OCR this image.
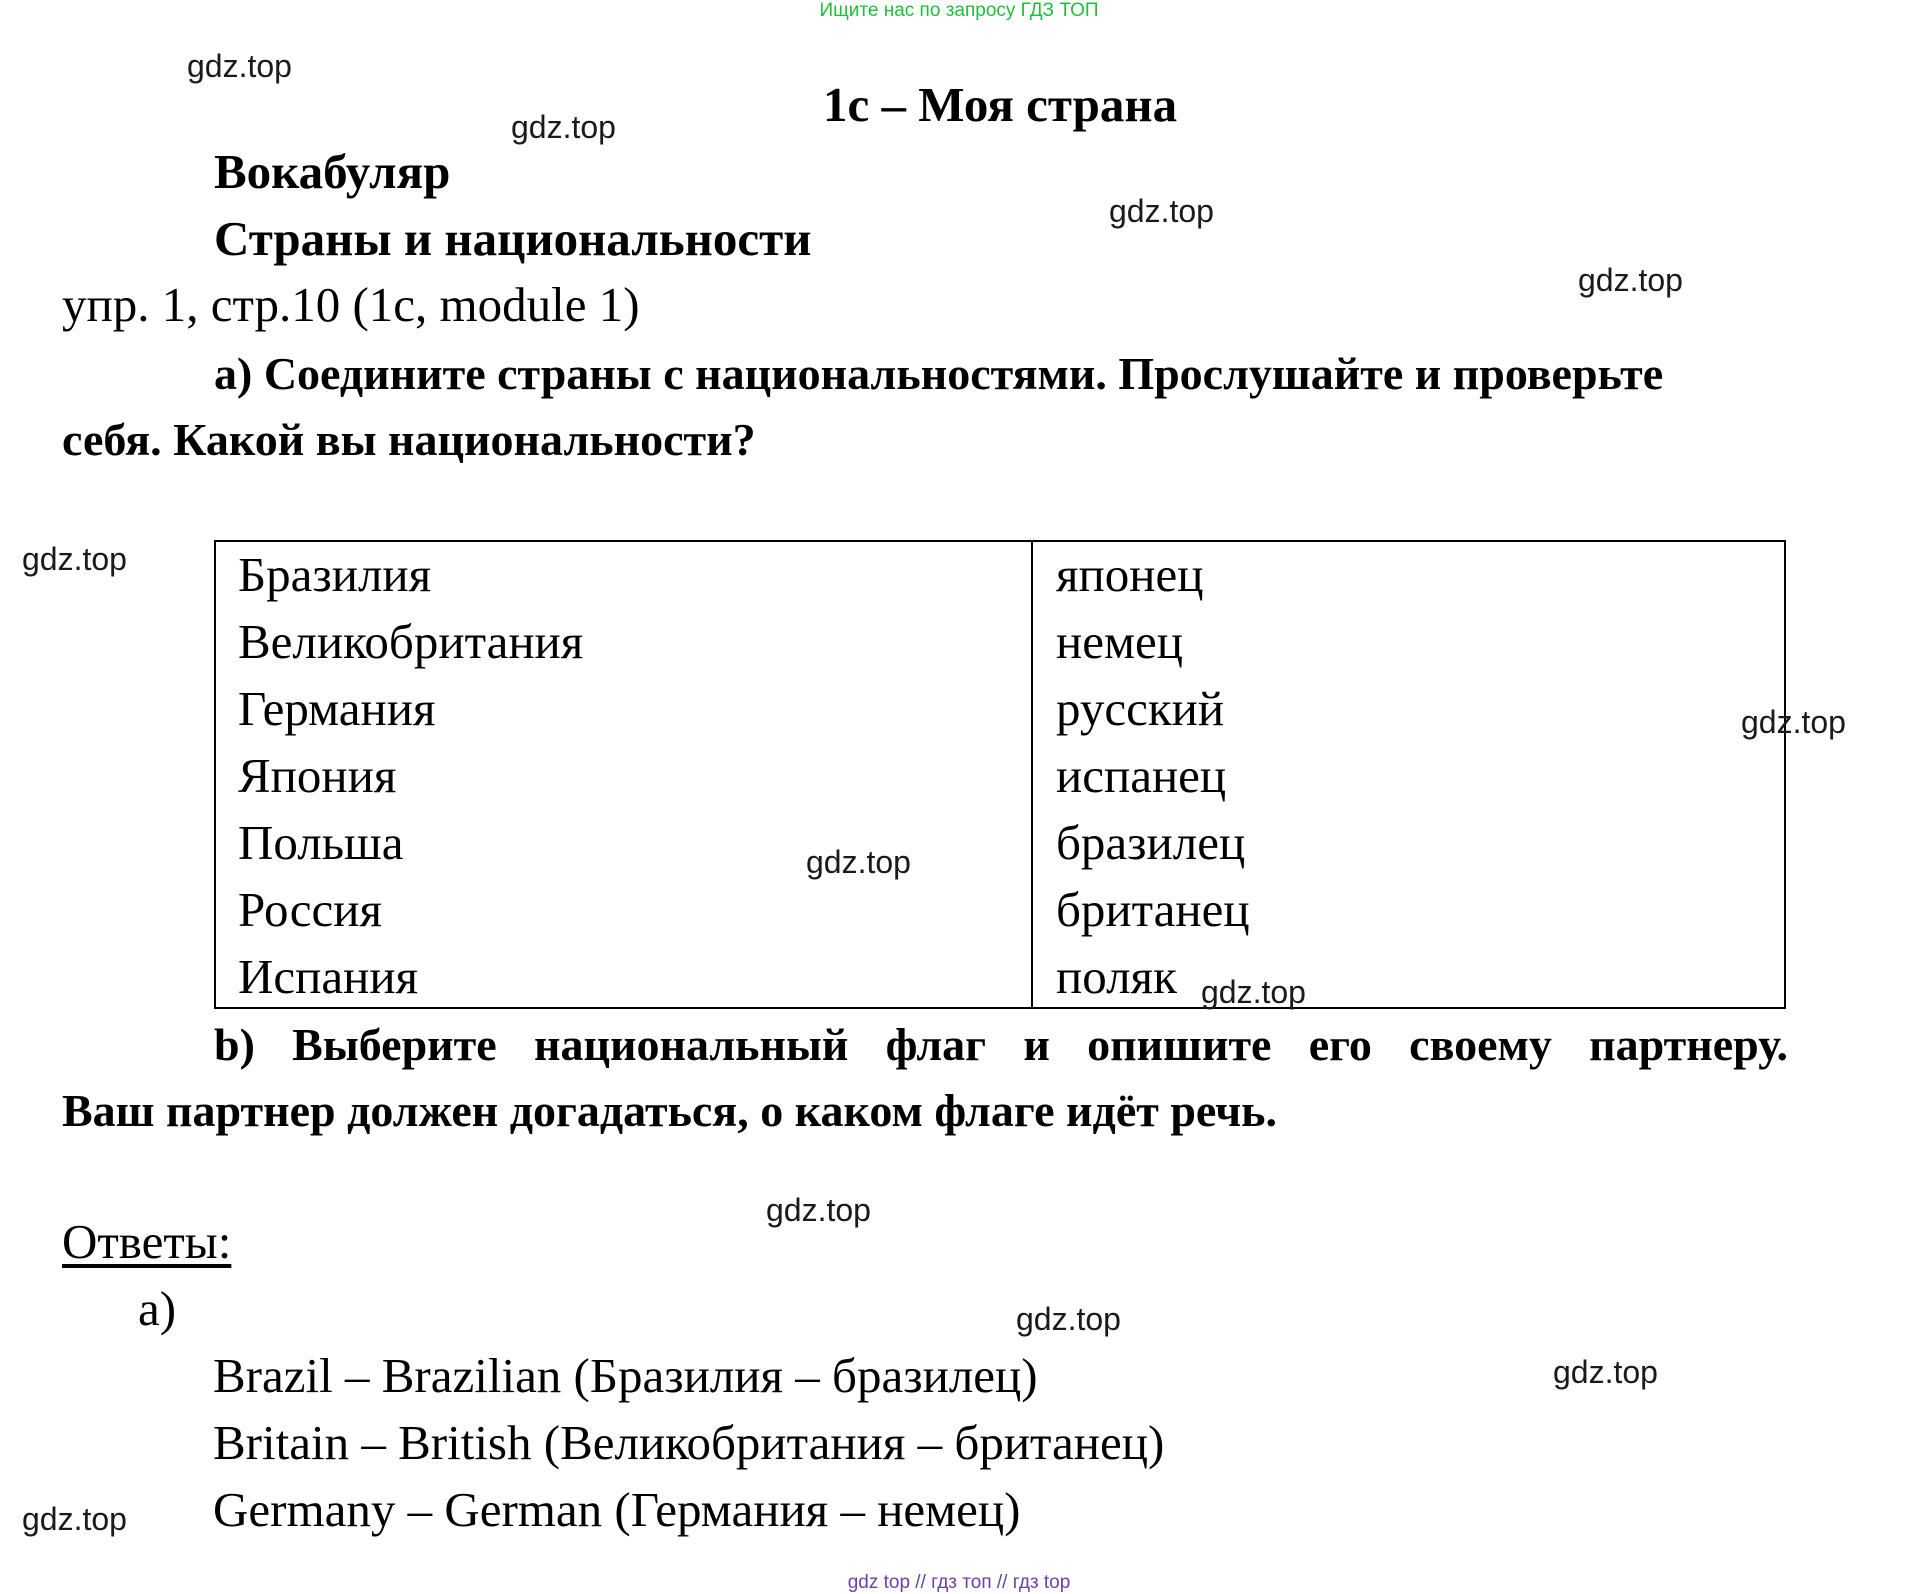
Ищите нас по запросу ГДЗ ТОП
1c – Моя страна
Вокабуляр
Страны и национальности
упр. 1, стр.10 (1c, module 1)
a) Соедините страны с национальностями. Прослушайте и проверьте
себя. Какой вы национальности?
Бразилия
Великобритания
Германия
Япония
Польша
Россия
Испания
японец
немец
русский
испанец
бразилец
британец
поляк
b) Выберите национальный флаг и опишите его своему партнеру.
Ваш партнер должен догадаться, о каком флаге идёт речь.
Ответы:
a)
Brazil – Brazilian (Бразилия – бразилец)
Britain – British (Великобритания – британец)
Germany – German (Германия – немец)
gdz.top
gdz.top
gdz.top
gdz.top
gdz.top
gdz.top
gdz.top
gdz.top
gdz.top
gdz.top
gdz.top
gdz.top
gdz top // гдз топ // гдз top
